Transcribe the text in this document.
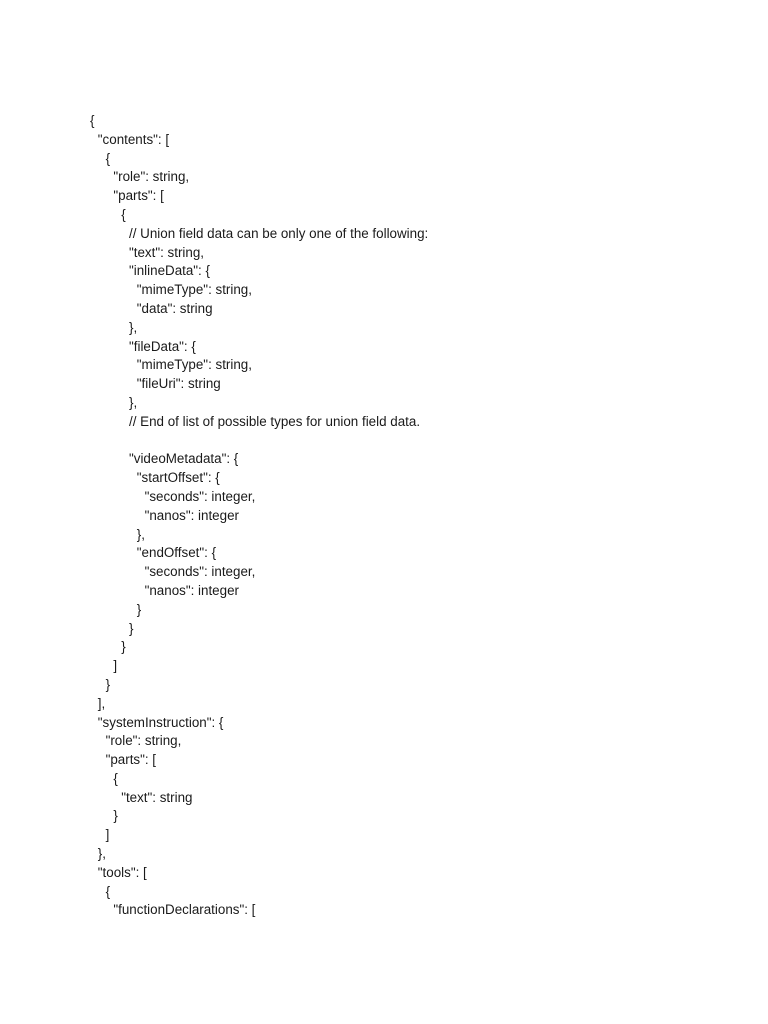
{
"contents": [
{
"role": string,
"parts": [
{
// Union field data can be only one of the following:
"text": string,
"inlineData": {
"mimeType": string,
"data": string
},
"fileData": {
"mimeType": string,
"fileUri": string
},
// End of list of possible types for union field data.
"videoMetadata": {
"startOffset": {
"seconds": integer,
"nanos": integer
},
"endOffset": {
"seconds": integer,
"nanos": integer
}
}
}
]
}
],
"systemInstruction": {
"role": string,
"parts": [
{
"text": string
}
]
},
"tools": [
{
"functionDeclarations": [
